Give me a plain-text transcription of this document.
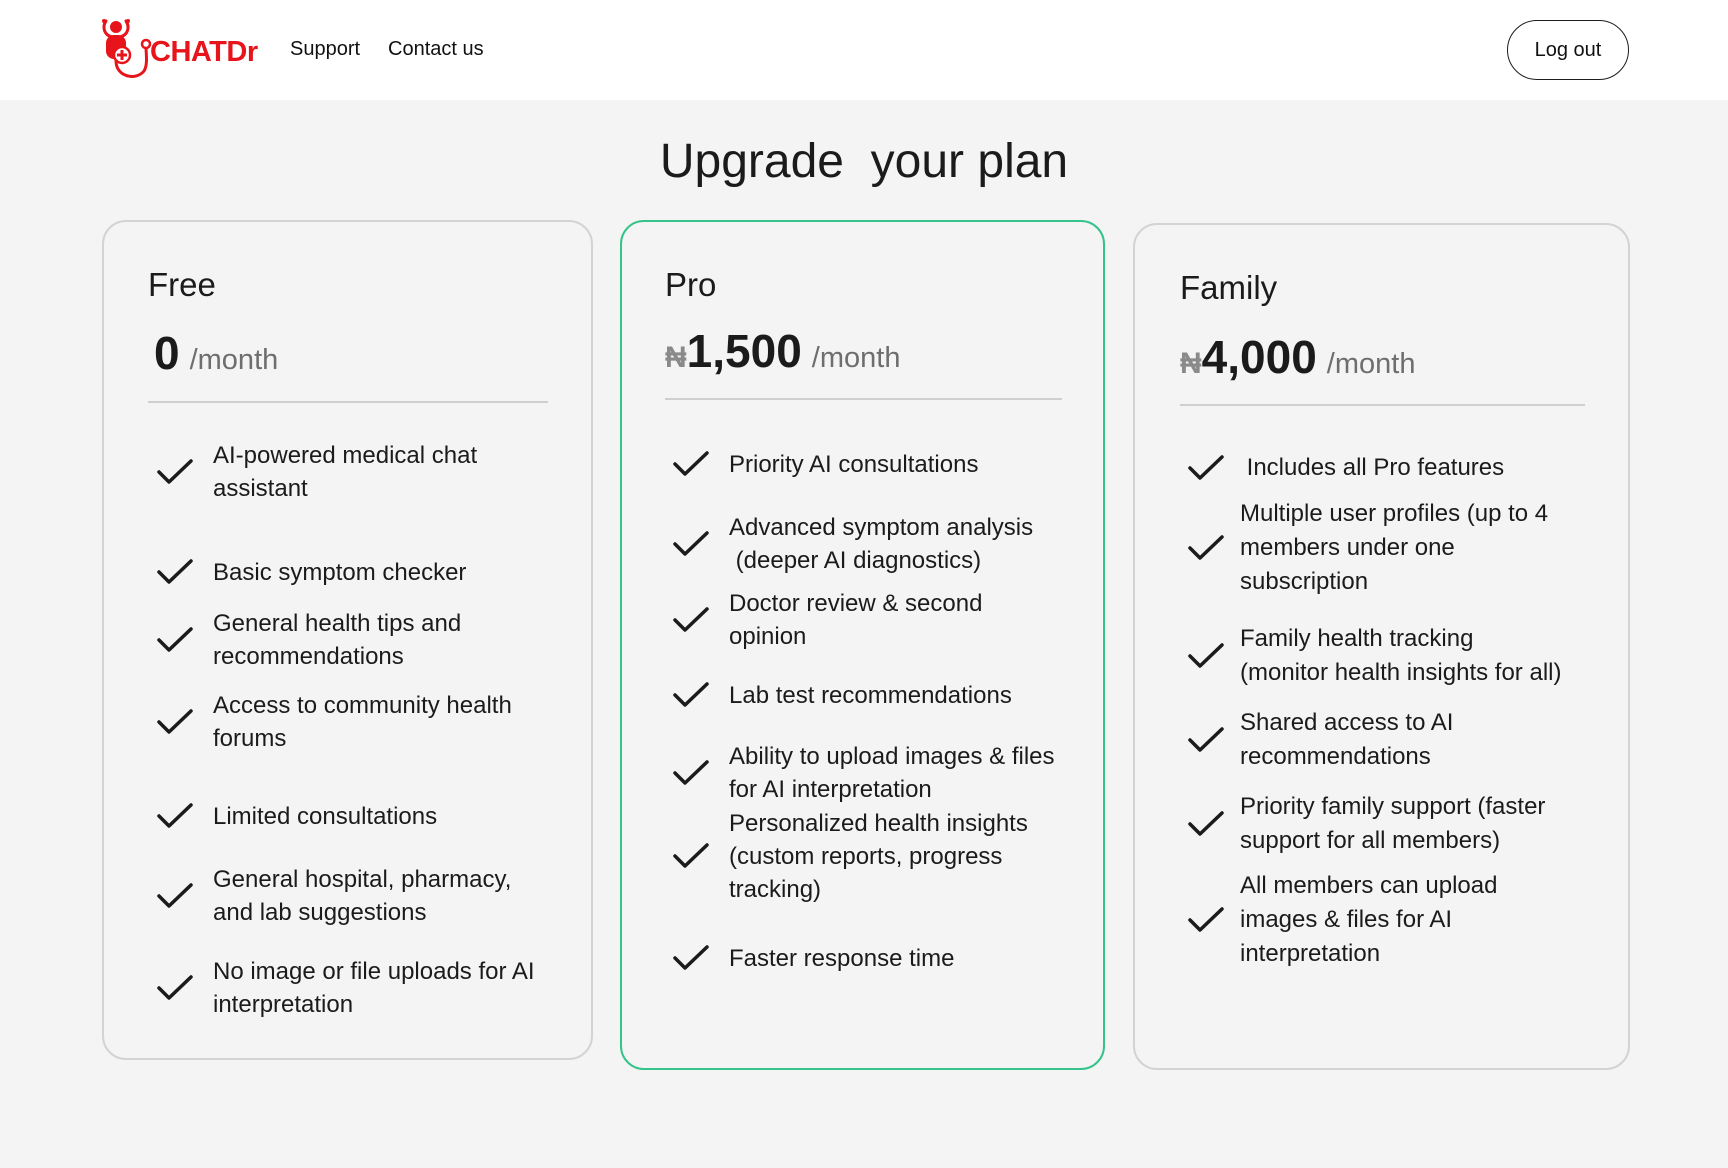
CHATDr Support Contact us	Log out
Upgrade  your plan
Free
0 /month
AI-powered medical chat
assistant
Basic symptom checker
General health tips and
recommendations
Access to community health
forums
Limited consultations
General hospital, pharmacy,
and lab suggestions
No image or file uploads for AI
interpretation
Pro
₦ 1,500 /month
Priority AI consultations
Advanced symptom analysis
(deeper AI diagnostics)
Doctor review & second
opinion
Lab test recommendations
Ability to upload images & files
for AI interpretation
Personalized health insights
(custom reports, progress
tracking)
Faster response time
Family
₦ 4,000 /month
Includes all Pro features
Multiple user profiles (up to 4
members under one
subscription
Family health tracking
(monitor health insights for all)
Shared access to AI
recommendations
Priority family support (faster
support for all members)
All members can upload
images & files for AI
interpretation
